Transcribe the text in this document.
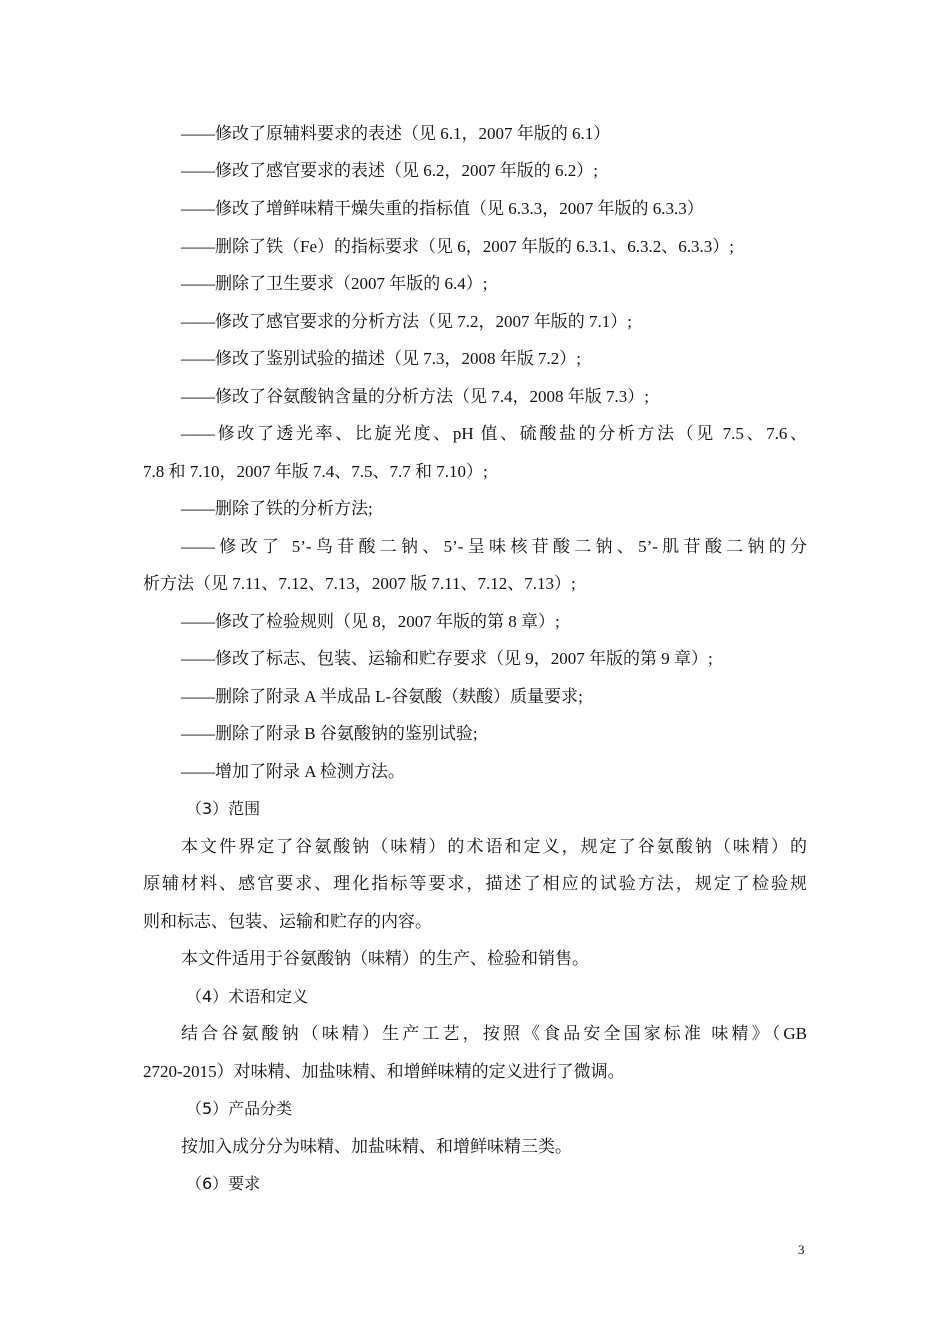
——修改了原辅料要求的表述（见 6.1，2007 年版的 6.1）
——修改了感官要求的表述（见 6.2，2007 年版的 6.2）;
——修改了增鲜味精干燥失重的指标值（见 6.3.3，2007 年版的 6.3.3）
——删除了铁（Fe）的指标要求（见 6，2007 年版的 6.3.1、6.3.2、6.3.3）;
——删除了卫生要求（2007 年版的 6.4）;
——修改了感官要求的分析方法（见 7.2，2007 年版的 7.1）;
——修改了鉴别试验的描述（见 7.3，2008 年版 7.2）;
——修改了谷氨酸钠含量的分析方法（见 7.4，2008 年版 7.3）;
——修改了透光率、比旋光度、pH 值、硫酸盐的分析方法（见 7.5、7.6、
7.8 和 7.10，2007 年版 7.4、7.5、7.7 和 7.10）;
——删除了铁的分析方法;
——修改了 5’-鸟苷酸二钠、5’-呈味核苷酸二钠、5’-肌苷酸二钠的分
析方法（见 7.11、7.12、7.13，2007 版 7.11、7.12、7.13）;
——修改了检验规则（见 8，2007 年版的第 8 章）;
——修改了标志、包装、运输和贮存要求（见 9，2007 年版的第 9 章）;
——删除了附录 A 半成品 L-谷氨酸（麸酸）质量要求;
——删除了附录 B 谷氨酸钠的鉴别试验;
——增加了附录 A 检测方法。
（3）范围
本文件界定了谷氨酸钠（味精）的术语和定义，规定了谷氨酸钠（味精）的
原辅材料、感官要求、理化指标等要求，描述了相应的试验方法，规定了检验规
则和标志、包装、运输和贮存的内容。
本文件适用于谷氨酸钠（味精）的生产、检验和销售。
（4）术语和定义
结合谷氨酸钠（味精）生产工艺，按照《食品安全国家标准 味精》（GB
2720-2015）对味精、加盐味精、和增鲜味精的定义进行了微调。
（5）产品分类
按加入成分分为味精、加盐味精、和增鲜味精三类。
（6）要求
3
